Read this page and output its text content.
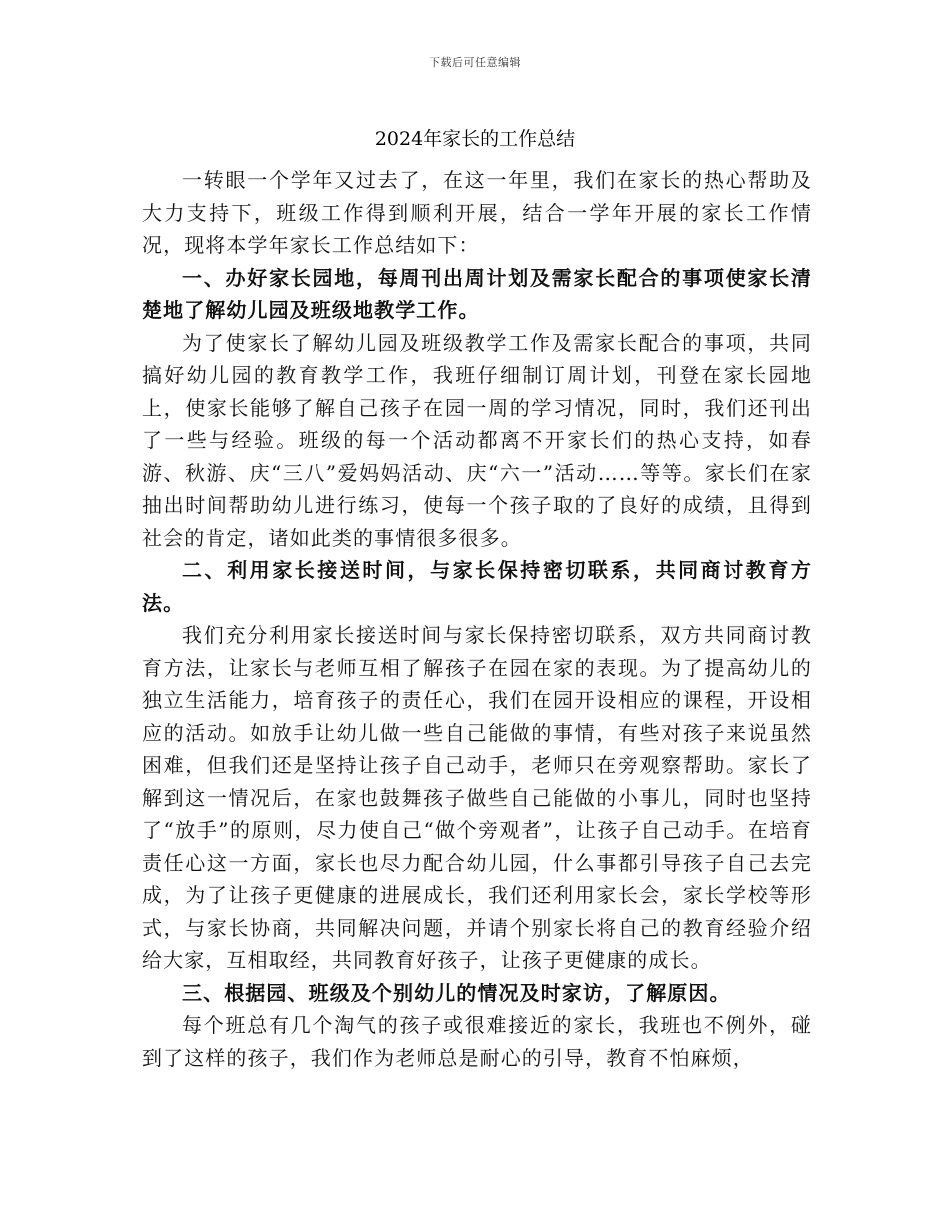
下载后可任意编辑
2024年家长的工作总结

一转眼一个学年又过去了，在这一年里，我们在家长的热心帮助及大力支持下，班级工作得到顺利开展，结合一学年开展的家长工作情况，现将本学年家长工作总结如下：

一、办好家长园地，每周刊出周计划及需家长配合的事项使家长清楚地了解幼儿园及班级地教学工作。

为了使家长了解幼儿园及班级教学工作及需家长配合的事项，共同搞好幼儿园的教育教学工作，我班仔细制订周计划，刊登在家长园地上，使家长能够了解自己孩子在园一周的学习情况，同时，我们还刊出了一些与经验。班级的每一个活动都离不开家长们的热心支持，如春游、秋游、庆“三八”爱妈妈活动、庆“六一”活动……等等。家长们在家抽出时间帮助幼儿进行练习，使每一个孩子取的了良好的成绩，且得到社会的肯定，诸如此类的事情很多很多。

二、利用家长接送时间，与家长保持密切联系，共同商讨教育方法。

我们充分利用家长接送时间与家长保持密切联系，双方共同商讨教育方法，让家长与老师互相了解孩子在园在家的表现。为了提高幼儿的独立生活能力，培育孩子的责任心，我们在园开设相应的课程，开设相应的活动。如放手让幼儿做一些自己能做的事情，有些对孩子来说虽然困难，但我们还是坚持让孩子自己动手，老师只在旁观察帮助。家长了解到这一情况后，在家也鼓舞孩子做些自己能做的小事儿，同时也坚持了“放手”的原则，尽力使自己“做个旁观者”，让孩子自己动手。在培育责任心这一方面，家长也尽力配合幼儿园，什么事都引导孩子自己去完成，为了让孩子更健康的进展成长，我们还利用家长会，家长学校等形式，与家长协商，共同解决问题，并请个别家长将自己的教育经验介绍给大家，互相取经，共同教育好孩子，让孩子更健康的成长。

三、根据园、班级及个别幼儿的情况及时家访，了解原因。

每个班总有几个淘气的孩子或很难接近的家长，我班也不例外，碰到了这样的孩子，我们作为老师总是耐心的引导，教育不怕麻烦，
